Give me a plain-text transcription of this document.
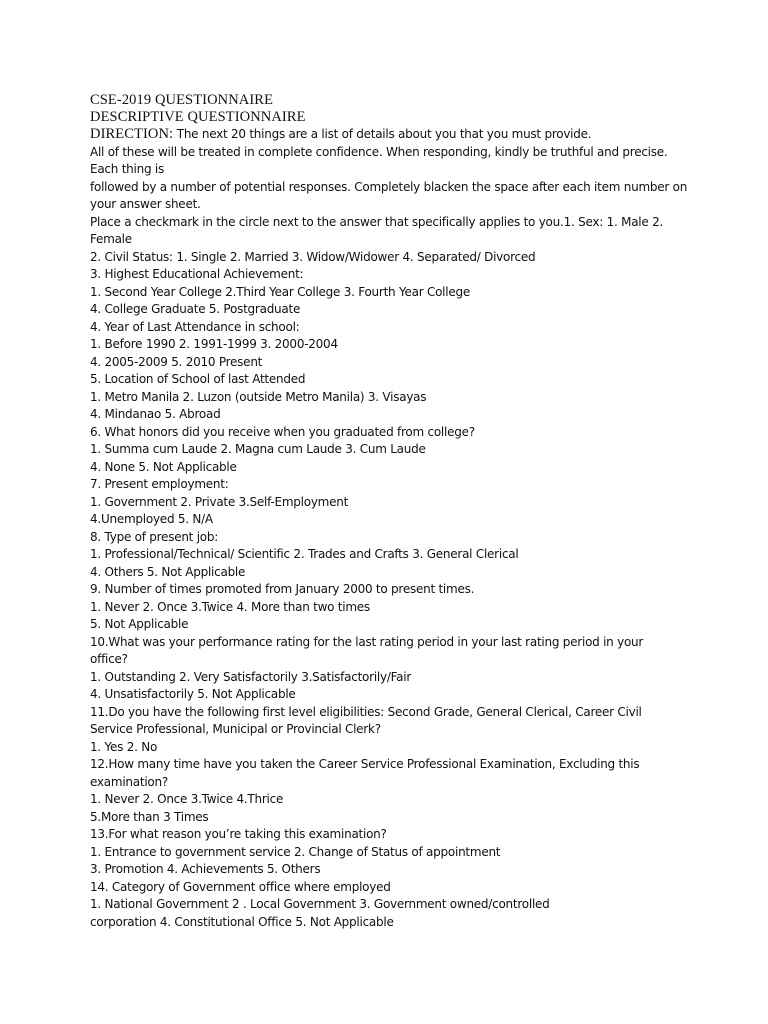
CSE-2019 QUESTIONNAIRE

DESCRIPTIVE QUESTIONNAIRE

DIRECTION: The next 20 things are a list of details about you that you must provide.

All of these will be treated in complete confidence. When responding, kindly be truthful and precise.

Each thing is

followed by a number of potential responses. Completely blacken the space after each item number on

your answer sheet.

Place a checkmark in the circle next to the answer that specifically applies to you.1. Sex: 1. Male 2.

Female

2. Civil Status: 1. Single 2. Married 3. Widow/Widower 4. Separated/ Divorced

3. Highest Educational Achievement:

1. Second Year College 2.Third Year College 3. Fourth Year College

4. College Graduate 5. Postgraduate

4. Year of Last Attendance in school:

1. Before 1990 2. 1991-1999 3. 2000-2004

4. 2005-2009 5. 2010 Present

5. Location of School of last Attended

1. Metro Manila 2. Luzon (outside Metro Manila) 3. Visayas

4. Mindanao 5. Abroad

6. What honors did you receive when you graduated from college?

1. Summa cum Laude 2. Magna cum Laude 3. Cum Laude

4. None 5. Not Applicable

7. Present employment:

1. Government 2. Private 3.Self-Employment

4.Unemployed 5. N/A

8. Type of present job:

1. Professional/Technical/ Scientific 2. Trades and Crafts 3. General Clerical

4. Others 5. Not Applicable

9. Number of times promoted from January 2000 to present times.

1. Never 2. Once 3.Twice 4. More than two times

5. Not Applicable

10.What was your performance rating for the last rating period in your last rating period in your

office?

1. Outstanding 2. Very Satisfactorily 3.Satisfactorily/Fair

4. Unsatisfactorily 5. Not Applicable

11.Do you have the following first level eligibilities: Second Grade, General Clerical, Career Civil

Service Professional, Municipal or Provincial Clerk?

1. Yes 2. No

12.How many time have you taken the Career Service Professional Examination, Excluding this

examination?

1. Never 2. Once 3.Twice 4.Thrice

5.More than 3 Times

13.For what reason you’re taking this examination?

1. Entrance to government service 2. Change of Status of appointment

3. Promotion 4. Achievements 5. Others

14. Category of Government office where employed

1. National Government 2 . Local Government 3. Government owned/controlled

corporation 4. Constitutional Office 5. Not Applicable
